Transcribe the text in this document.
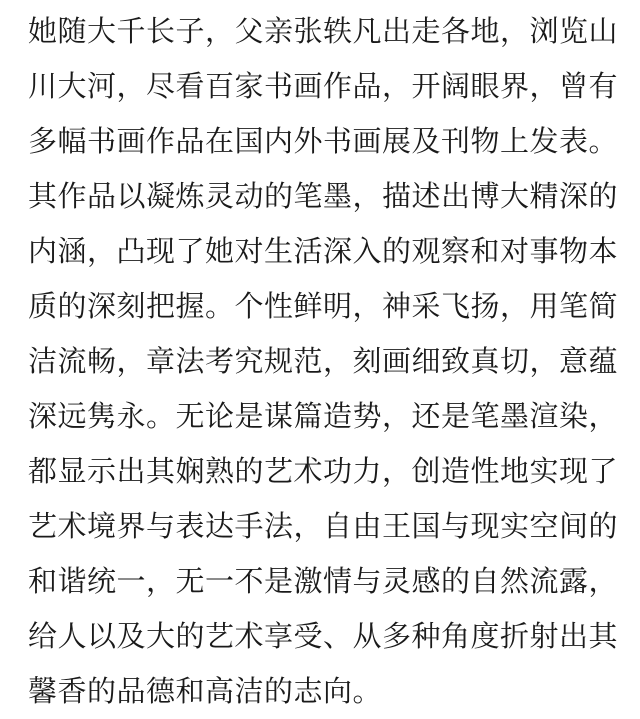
她随大千长子，父亲张轶凡出走各地，浏览山
川大河，尽看百家书画作品，开阔眼界，曾有
多幅书画作品在国内外书画展及刊物上发表。
其作品以凝炼灵动的笔墨，描述出博大精深的
内涵，凸现了她对生活深入的观察和对事物本
质的深刻把握。个性鲜明，神采飞扬，用笔简
洁流畅，章法考究规范，刻画细致真切，意蕴
深远隽永。无论是谋篇造势，还是笔墨渲染，
都显示出其娴熟的艺术功力，创造性地实现了
艺术境界与表达手法，自由王国与现实空间的
和谐统一，无一不是激情与灵感的自然流露，
给人以及大的艺术享受、从多种角度折射出其
馨香的品德和高洁的志向。
